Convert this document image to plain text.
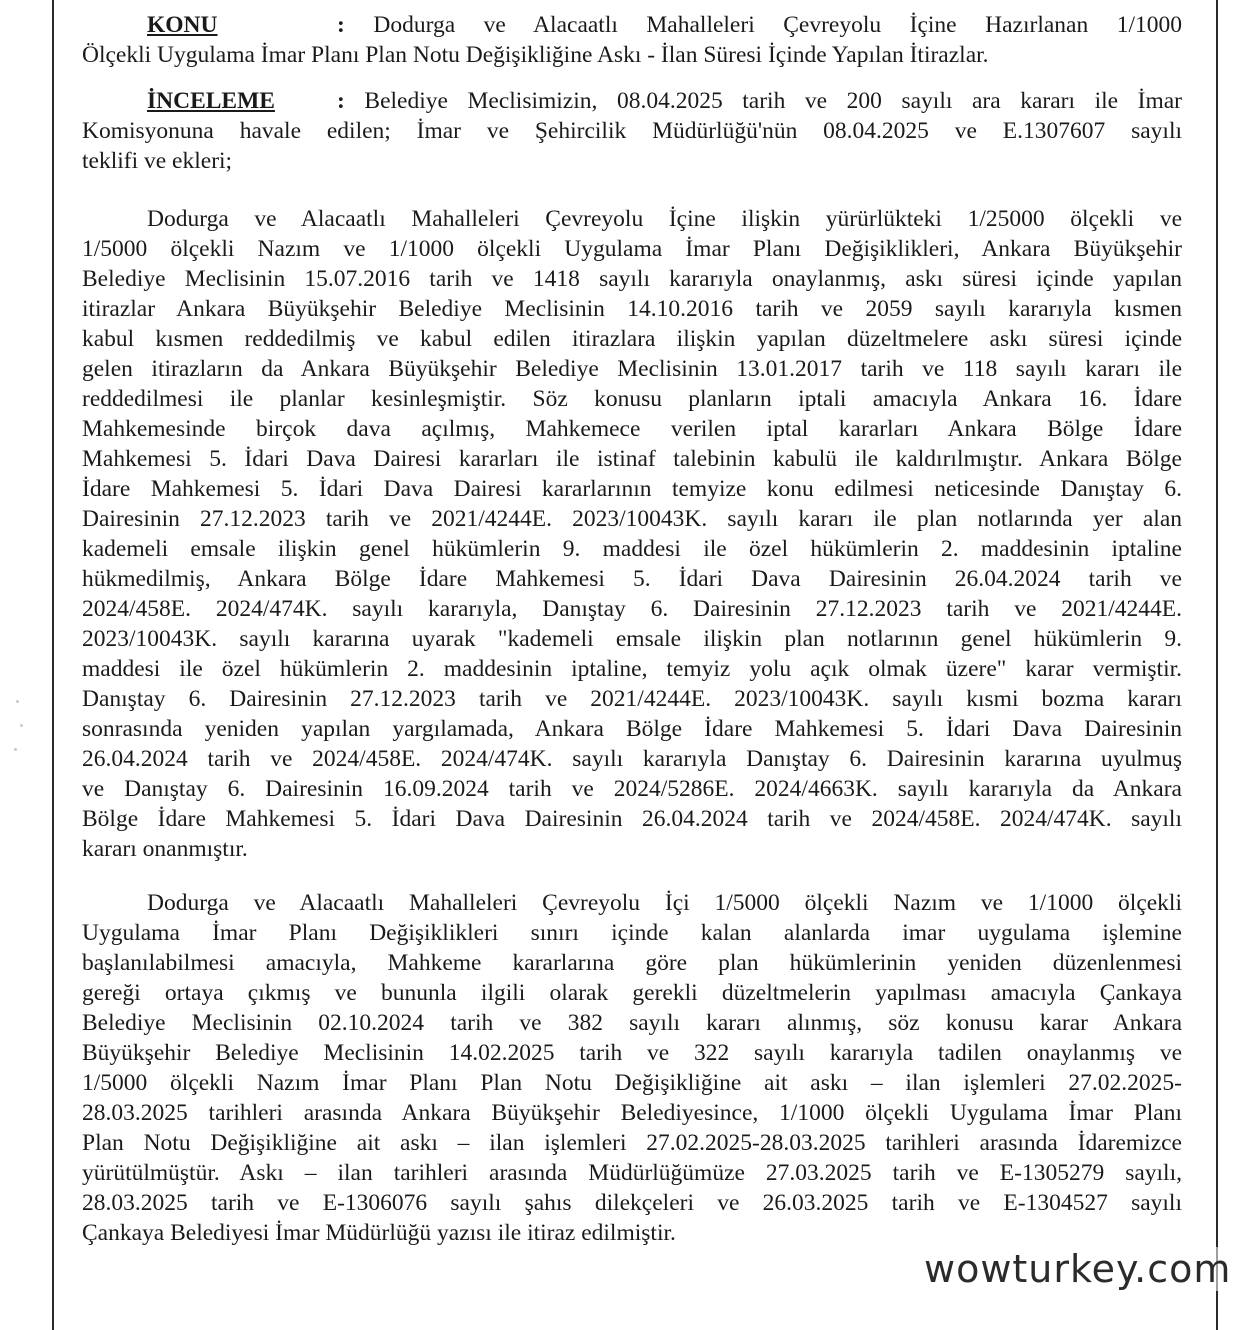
KONU	: Dodurga ve Alacaatlı Mahalleleri Çevreyolu İçine Hazırlanan 1/1000
Ölçekli Uygulama İmar Planı Plan Notu Değişikliğine Askı - İlan Süresi İçinde Yapılan İtirazlar.
İNCELEME	: Belediye Meclisimizin, 08.04.2025 tarih ve 200 sayılı ara kararı ile İmar
Komisyonuna havale edilen; İmar ve Şehircilik Müdürlüğü'nün 08.04.2025 ve E.1307607 sayılı
teklifi ve ekleri;
Dodurga ve Alacaatlı Mahalleleri Çevreyolu İçine ilişkin yürürlükteki 1/25000 ölçekli ve
1/5000 ölçekli Nazım ve 1/1000 ölçekli Uygulama İmar Planı Değişiklikleri, Ankara Büyükşehir
Belediye Meclisinin 15.07.2016 tarih ve 1418 sayılı kararıyla onaylanmış, askı süresi içinde yapılan
itirazlar Ankara Büyükşehir Belediye Meclisinin 14.10.2016 tarih ve 2059 sayılı kararıyla kısmen
kabul kısmen reddedilmiş ve kabul edilen itirazlara ilişkin yapılan düzeltmelere askı süresi içinde
gelen itirazların da Ankara Büyükşehir Belediye Meclisinin 13.01.2017 tarih ve 118 sayılı kararı ile
reddedilmesi ile planlar kesinleşmiştir. Söz konusu planların iptali amacıyla Ankara 16. İdare
Mahkemesinde birçok dava açılmış, Mahkemece verilen iptal kararları Ankara Bölge İdare
Mahkemesi 5. İdari Dava Dairesi kararları ile istinaf talebinin kabulü ile kaldırılmıştır. Ankara Bölge
İdare Mahkemesi 5. İdari Dava Dairesi kararlarının temyize konu edilmesi neticesinde Danıştay 6.
Dairesinin 27.12.2023 tarih ve 2021/4244E. 2023/10043K. sayılı kararı ile plan notlarında yer alan
kademeli emsale ilişkin genel hükümlerin 9. maddesi ile özel hükümlerin 2. maddesinin iptaline
hükmedilmiş, Ankara Bölge İdare Mahkemesi 5. İdari Dava Dairesinin 26.04.2024 tarih ve
2024/458E. 2024/474K. sayılı kararıyla, Danıştay 6. Dairesinin 27.12.2023 tarih ve 2021/4244E.
2023/10043K. sayılı kararına uyarak "kademeli emsale ilişkin plan notlarının genel hükümlerin 9.
maddesi ile özel hükümlerin 2. maddesinin iptaline, temyiz yolu açık olmak üzere" karar vermiştir.
Danıştay 6. Dairesinin 27.12.2023 tarih ve 2021/4244E. 2023/10043K. sayılı kısmi bozma kararı
sonrasında yeniden yapılan yargılamada, Ankara Bölge İdare Mahkemesi 5. İdari Dava Dairesinin
26.04.2024 tarih ve 2024/458E. 2024/474K. sayılı kararıyla Danıştay 6. Dairesinin kararına uyulmuş
ve Danıştay 6. Dairesinin 16.09.2024 tarih ve 2024/5286E. 2024/4663K. sayılı kararıyla da Ankara
Bölge İdare Mahkemesi 5. İdari Dava Dairesinin 26.04.2024 tarih ve 2024/458E. 2024/474K. sayılı
kararı onanmıştır.
Dodurga ve Alacaatlı Mahalleleri Çevreyolu İçi 1/5000 ölçekli Nazım ve 1/1000 ölçekli
Uygulama İmar Planı Değişiklikleri sınırı içinde kalan alanlarda imar uygulama işlemine
başlanılabilmesi amacıyla, Mahkeme kararlarına göre plan hükümlerinin yeniden düzenlenmesi
gereği ortaya çıkmış ve bununla ilgili olarak gerekli düzeltmelerin yapılması amacıyla Çankaya
Belediye Meclisinin 02.10.2024 tarih ve 382 sayılı kararı alınmış, söz konusu karar Ankara
Büyükşehir Belediye Meclisinin 14.02.2025 tarih ve 322 sayılı kararıyla tadilen onaylanmış ve
1/5000 ölçekli Nazım İmar Planı Plan Notu Değişikliğine ait askı – ilan işlemleri 27.02.2025-
28.03.2025 tarihleri arasında Ankara Büyükşehir Belediyesince, 1/1000 ölçekli Uygulama İmar Planı
Plan Notu Değişikliğine ait askı – ilan işlemleri 27.02.2025-28.03.2025 tarihleri arasında İdaremizce
yürütülmüştür. Askı – ilan tarihleri arasında Müdürlüğümüze 27.03.2025 tarih ve E-1305279 sayılı,
28.03.2025 tarih ve E-1306076 sayılı şahıs dilekçeleri ve 26.03.2025 tarih ve E-1304527 sayılı
Çankaya Belediyesi İmar Müdürlüğü yazısı ile itiraz edilmiştir.
wowturkey.com
